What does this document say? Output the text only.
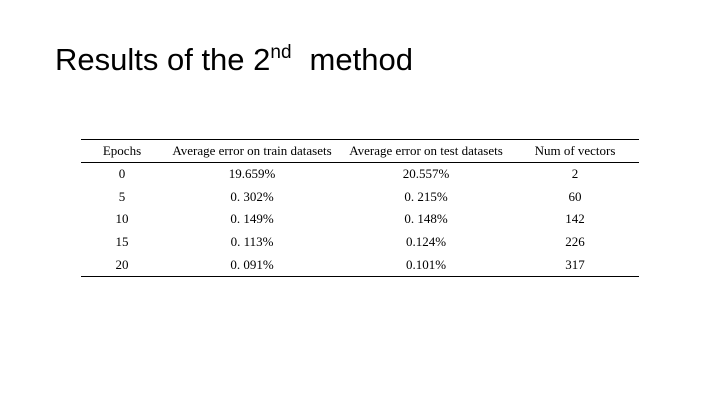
Results of the 2nd method
Epochs	Average error on train datasets	Average error on test datasets	Num of vectors
0	19.659%	20.557%	2
5	0. 302%	0. 215%	60
10	0. 149%	0. 148%	142
15	0. 113%	0.124%	226
20	0. 091%	0.101%	317
